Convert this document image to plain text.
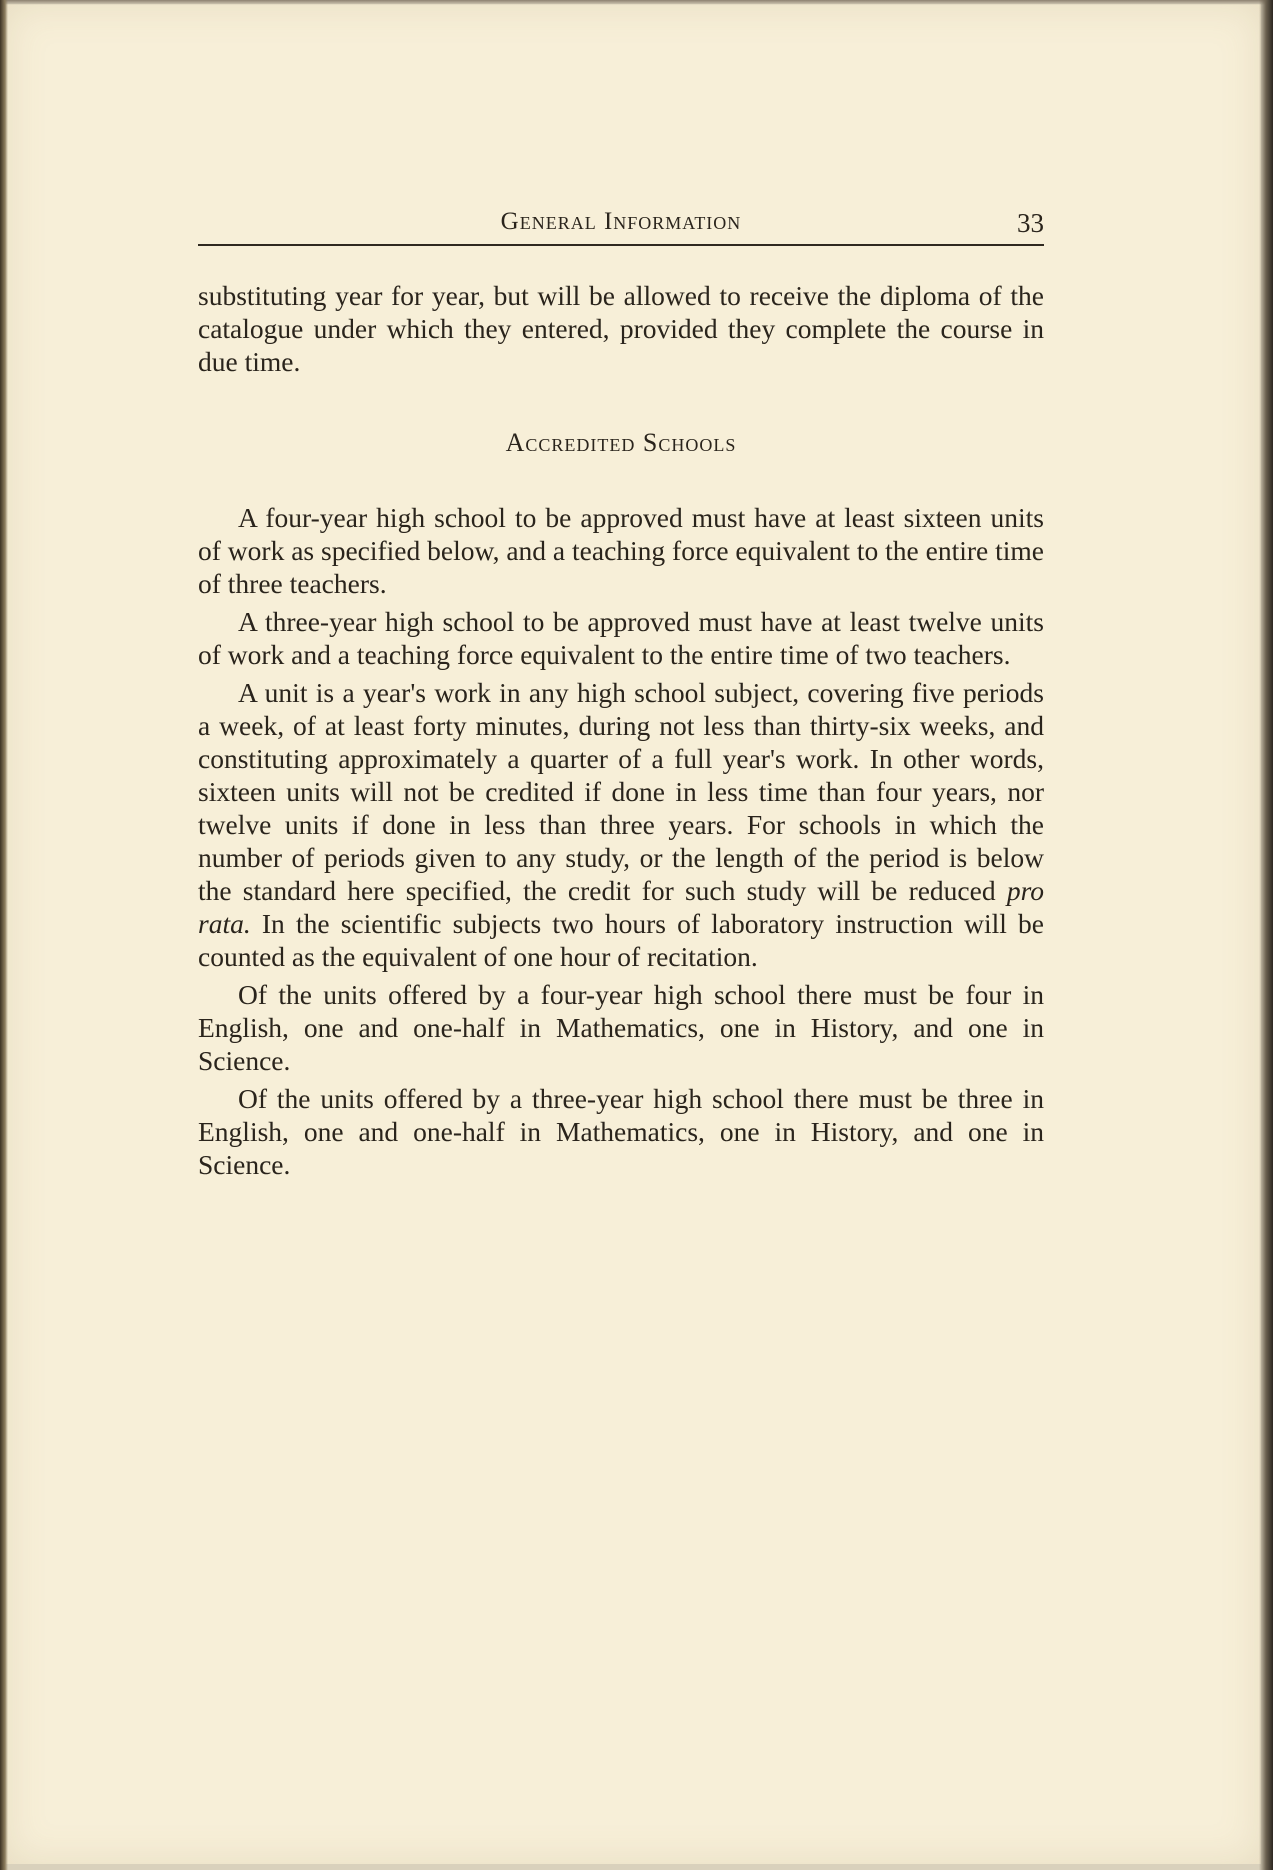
General Information	33

substituting year for year, but will be allowed to receive the diploma of the catalogue under which they entered, provided they complete the course in due time.

Accredited Schools

A four-year high school to be approved must have at least sixteen units of work as specified below, and a teaching force equivalent to the entire time of three teachers.

A three-year high school to be approved must have at least twelve units of work and a teaching force equivalent to the entire time of two teachers.

A unit is a year's work in any high school subject, covering five periods a week, of at least forty minutes, during not less than thirty-six weeks, and constituting approximately a quarter of a full year's work. In other words, sixteen units will not be credited if done in less time than four years, nor twelve units if done in less than three years. For schools in which the number of periods given to any study, or the length of the period is below the standard here specified, the credit for such study will be reduced pro rata. In the scientific subjects two hours of laboratory instruction will be counted as the equivalent of one hour of recitation.

Of the units offered by a four-year high school there must be four in English, one and one-half in Mathematics, one in History, and one in Science.

Of the units offered by a three-year high school there must be three in English, one and one-half in Mathematics, one in History, and one in Science.
